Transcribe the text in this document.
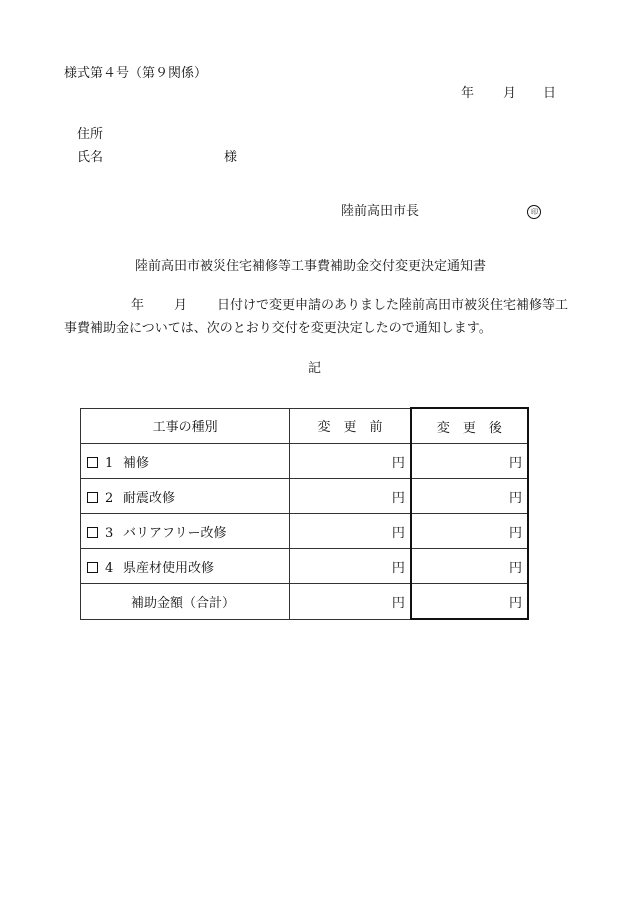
様式第４号（第９関係）
年 月 日
住所
氏名	様
陸前高田市長	印
陸前高田市被災住宅補修等工事費補助金交付変更決定通知書
年 月 日付けで変更申請のありました陸前高田市被災住宅補修等工
事費補助金については、次のとおり交付を変更決定したので通知します。
記
工事の種別	変　更　前	変　更　後
1 補修	円	円
2 耐震改修	円	円
3 バリアフリー改修	円	円
4 県産材使用改修	円	円
補助金額（合計）	円	円
